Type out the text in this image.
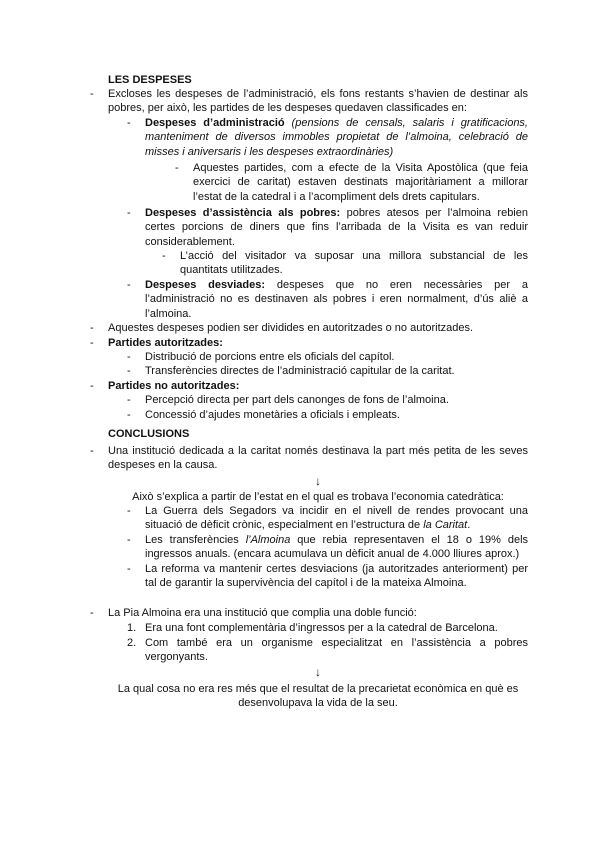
LES DESPESES
- Excloses les despeses de l’administració, els fons restants s’havien de destinar als pobres, per això, les partides de les despeses quedaven classificades en:
- Despeses d’administració (pensions de censals, salaris i gratificacions, manteniment de diversos immobles propietat de l’almoina, celebració de misses i aniversaris i les despeses extraordinàries)
- Aquestes partides, com a efecte de la Visita Apostòlica (que feia exercici de caritat) estaven destinats majoritàriament a millorar l’estat de la catedral i a l’acompliment dels drets capitulars.
- Despeses d’assistència als pobres: pobres atesos per l’almoina rebien certes porcions de diners que fins l’arribada de la Visita es van reduir considerablement.
- L’acció del visitador va suposar una millora substancial de les quantitats utilitzades.
- Despeses desviades: despeses que no eren necessàries per a l’administració no es destinaven als pobres i eren normalment, d’ús aliè a l’almoina.
- Aquestes despeses podien ser dividides en autoritzades o no autoritzades.
- Partides autoritzades:
- Distribució de porcions entre els oficials del capítol.
- Transferències directes de l’administració capitular de la caritat.
- Partides no autoritzades:
- Percepció directa per part dels canonges de fons de l’almoina.
- Concessió d’ajudes monetàries a oficials i empleats.
CONCLUSIONS
- Una institució dedicada a la caritat només destinava la part més petita de les seves despeses en la causa.
↓
Això s’explica a partir de l’estat en el qual es trobava l’economia catedràtica:
- La Guerra dels Segadors va incidir en el nivell de rendes provocant una situació de dèficit crònic, especialment en l’estructura de la Caritat.
- Les transferències l’Almoina que rebia representaven el 18 o 19% dels ingressos anuals. (encara acumulava un dèficit anual de 4.000 lliures aprox.)
- La reforma va mantenir certes desviacions (ja autoritzades anteriorment) per tal de garantir la supervivència del capítol i de la mateixa Almoina.
- La Pia Almoina era una institució que complia una doble funció:
1. Era una font complementària d’ingressos per a la catedral de Barcelona.
2. Com també era un organisme especialitzat en l’assistència a pobres vergonyants.
↓
La qual cosa no era res més que el resultat de la precarietat econòmica en què es desenvolupava la vida de la seu.
